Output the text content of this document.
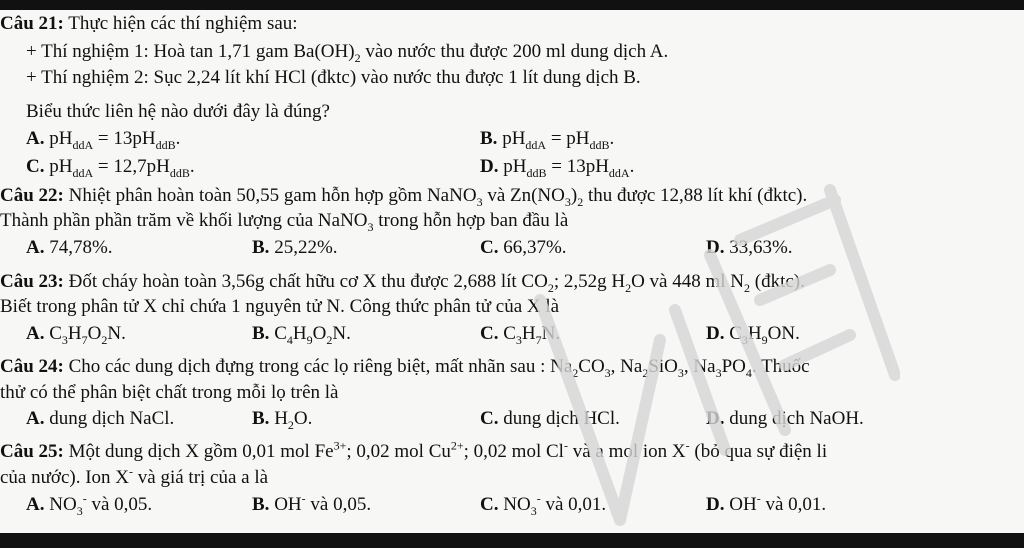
Câu 21: Thực hiện các thí nghiệm sau:
+ Thí nghiệm 1: Hoà tan 1,71 gam $Ba(OH)_2$ vào nước thu được 200 ml dung dịch A.
+ Thí nghiệm 2: Sục 2,24 lít khí HCl (đktc) vào nước thu được 1 lít dung dịch B.
Biểu thức liên hệ nào dưới đây là đúng?
A. $pH_{ddA} = 13pH_{ddB}$.	B. $pH_{ddA} = pH_{ddB}$.
C. $pH_{ddA} = 12,7pH_{ddB}$.	D. $pH_{ddB} = 13pH_{ddA}$.
Câu 22: Nhiệt phân hoàn toàn 50,55 gam hỗn hợp gồm NaNO$_3$ và $Zn(NO_3)_2$ thu được 12,88 lít khí (đktc).
Thành phần phần trăm về khối lượng của NaNO$_3$ trong hỗn hợp ban đầu là
A. 74,78%.	B. 25,22%.	C. 66,37%.	D. 33,63%.
Câu 23: Đốt cháy hoàn toàn 3,56g chất hữu cơ X thu được 2,688 lít $CO_2$; 2,52g $H_2O$ và 448 ml $N_2$ (đktc).
Biết trong phân tử X chỉ chứa 1 nguyên tử N. Công thức phân tử của X là
A. $C_3H_7O_2N$.	B. $C_4H_9O_2N$.	C. $C_3H_7N$.	D. $C_3H_9ON$.
Câu 24: Cho các dung dịch đựng trong các lọ riêng biệt, mất nhãn sau : $Na_2CO_3$, $Na_2SiO_3$, $Na_3PO_4$. Thuốc
thử có thể phân biệt chất trong mỗi lọ trên là
A. dung dịch NaCl.	B. $H_2O$.	C. dung dịch HCl.	D. dung dịch NaOH.
Câu 25: Một dung dịch X gồm 0,01 mol $Fe^{3+}$; 0,02 mol $Cu^{2+}$; 0,02 mol Cl- và a mol ion X- (bỏ qua sự điện li
của nước). Ion X- và giá trị của a là
A. $NO_3^-$ và 0,05.	B. OH- và 0,05.	C. $NO_3^-$ và 0,01.	D. OH- và 0,01.
